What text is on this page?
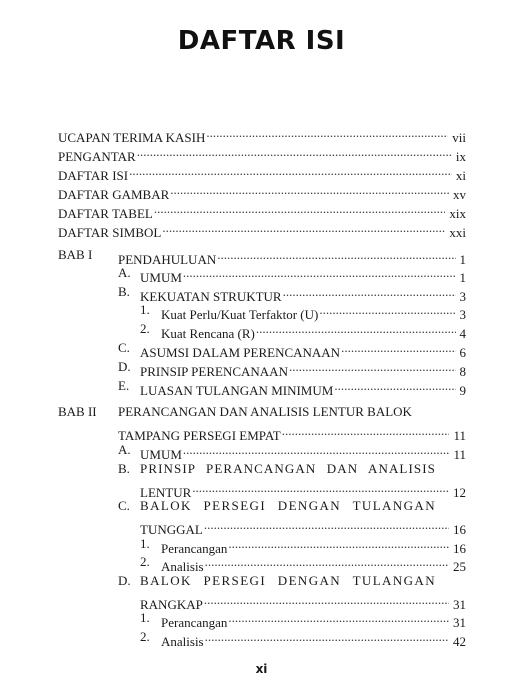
DAFTAR ISI
UCAPAN TERIMA KASIH .....	vii
PENGANTAR .....	ix
DAFTAR ISI .....	xi
DAFTAR GAMBAR .....	xv
DAFTAR TABEL .....	xix
DAFTAR SIMBOL .....	xxi
BAB I PENDAHULUAN .....	1
A. UMUM .....	1
B. KEKUATAN STRUKTUR .....	3
1. Kuat Perlu/Kuat Terfaktor (U) .....	3
2. Kuat Rencana (R) .....	4
C. ASUMSI DALAM PERENCANAAN .....	6
D. PRINSIP PERENCANAAN .....	8
E. LUASAN TULANGAN MINIMUM .....	9
BAB II PERANCANGAN DAN ANALISIS LENTUR BALOK
TAMPANG PERSEGI EMPAT .....	11
A. UMUM .....	11
B. PRINSIP PERANCANGAN DAN ANALISIS
LENTUR .....	12
C. BALOK PERSEGI DENGAN TULANGAN
TUNGGAL .....	16
1. Perancangan .....	16
2. Analisis .....	25
D. BALOK PERSEGI DENGAN TULANGAN
RANGKAP .....	31
1. Perancangan .....	31
2. Analisis .....	42
xi
